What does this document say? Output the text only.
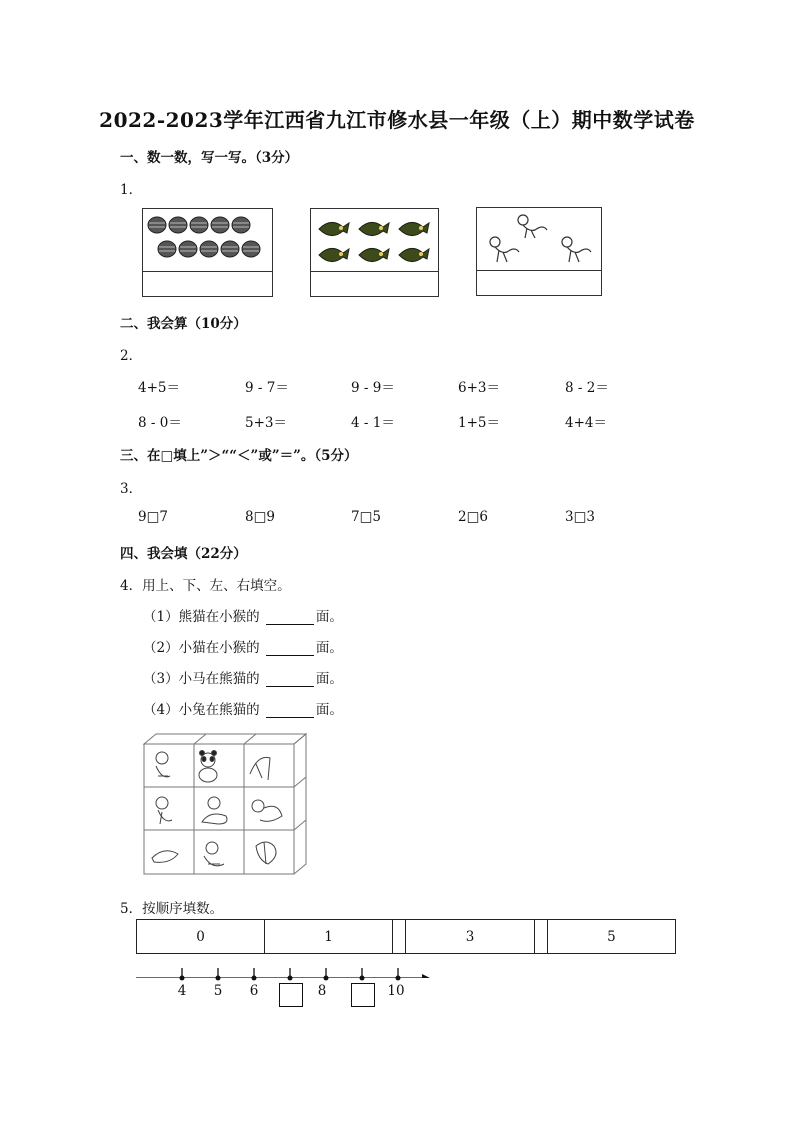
2022-2023学年江西省九江市修水县一年级（上）期中数学试卷
一、数一数，写一写。（3分）
1．
二、我会算（10分）
2．
4+5＝	9 - 7＝	9 - 9＝	6+3＝	8 - 2＝
8 - 0＝	5+3＝	4 - 1＝	1+5＝	4+4＝
三、在□填上”＞““＜”或”＝”。（5分）
3．
9□7	8□9	7□5	2□6	3□3
四、我会填（22分）
4．用上、下、左、右填空。
（1）熊猫在小猴的	面。
（2）小猫在小猴的	面。
（3）小马在熊猫的	面。
（4）小兔在熊猫的	面。
5．按顺序填数。
0	1		3		5
4 5 6	8	10
